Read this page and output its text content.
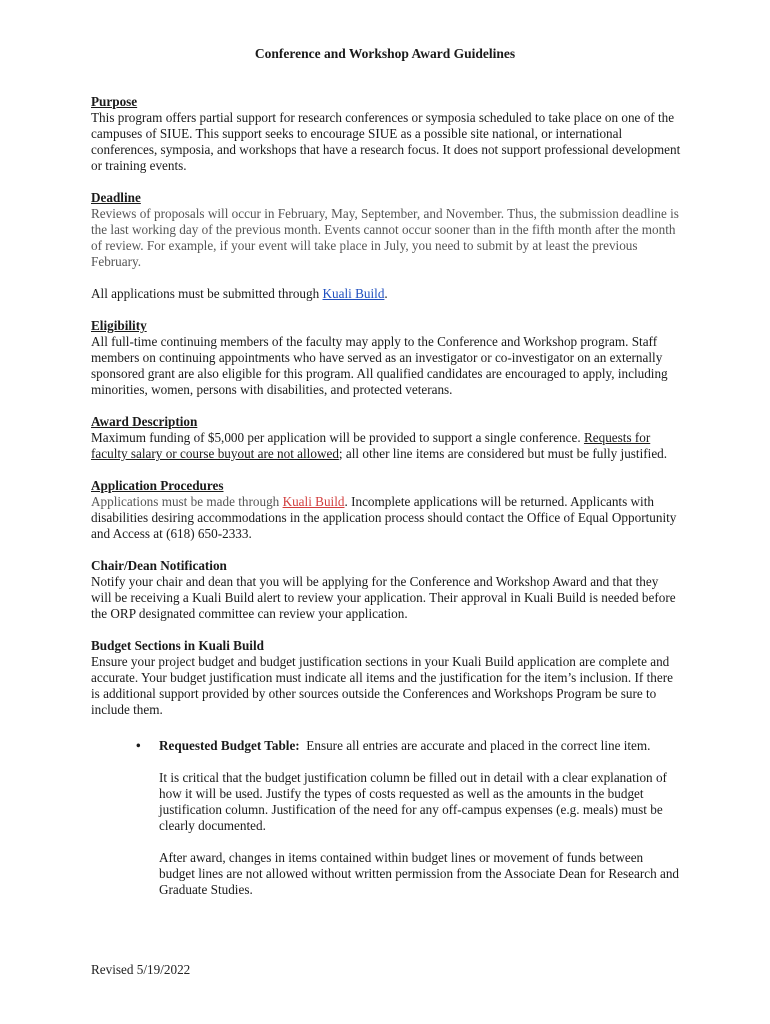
Conference and Workshop Award Guidelines
Purpose

This program offers partial support for research conferences or symposia scheduled to take place on one of the campuses of SIUE. This support seeks to encourage SIUE as a possible site national, or international conferences, symposia, and workshops that have a research focus. It does not support professional development or training events.

Deadline

Reviews of proposals will occur in February, May, September, and November. Thus, the submission deadline is the last working day of the previous month. Events cannot occur sooner than in the fifth month after the month of review. For example, if your event will take place in July, you need to submit by at least the previous February.

All applications must be submitted through Kuali Build.

Eligibility

All full-time continuing members of the faculty may apply to the Conference and Workshop program. Staff members on continuing appointments who have served as an investigator or co-investigator on an externally sponsored grant are also eligible for this program. All qualified candidates are encouraged to apply, including minorities, women, persons with disabilities, and protected veterans.

Award Description

Maximum funding of $5,000 per application will be provided to support a single conference. Requests for faculty salary or course buyout are not allowed; all other line items are considered but must be fully justified.

Application Procedures

Applications must be made through Kuali Build. Incomplete applications will be returned. Applicants with disabilities desiring accommodations in the application process should contact the Office of Equal Opportunity and Access at (618) 650-2333.

Chair/Dean Notification

Notify your chair and dean that you will be applying for the Conference and Workshop Award and that they will be receiving a Kuali Build alert to review your application. Their approval in Kuali Build is needed before the ORP designated committee can review your application.

Budget Sections in Kuali Build

Ensure your project budget and budget justification sections in your Kuali Build application are complete and accurate. Your budget justification must indicate all items and the justification for the item’s inclusion. If there is additional support provided by other sources outside the Conferences and Workshops Program be sure to include them.

• Requested Budget Table:  Ensure all entries are accurate and placed in the correct line item.

It is critical that the budget justification column be filled out in detail with a clear explanation of how it will be used. Justify the types of costs requested as well as the amounts in the budget justification column. Justification of the need for any off-campus expenses (e.g. meals) must be clearly documented.

After award, changes in items contained within budget lines or movement of funds between budget lines are not allowed without written permission from the Associate Dean for Research and Graduate Studies.

Revised 5/19/2022
